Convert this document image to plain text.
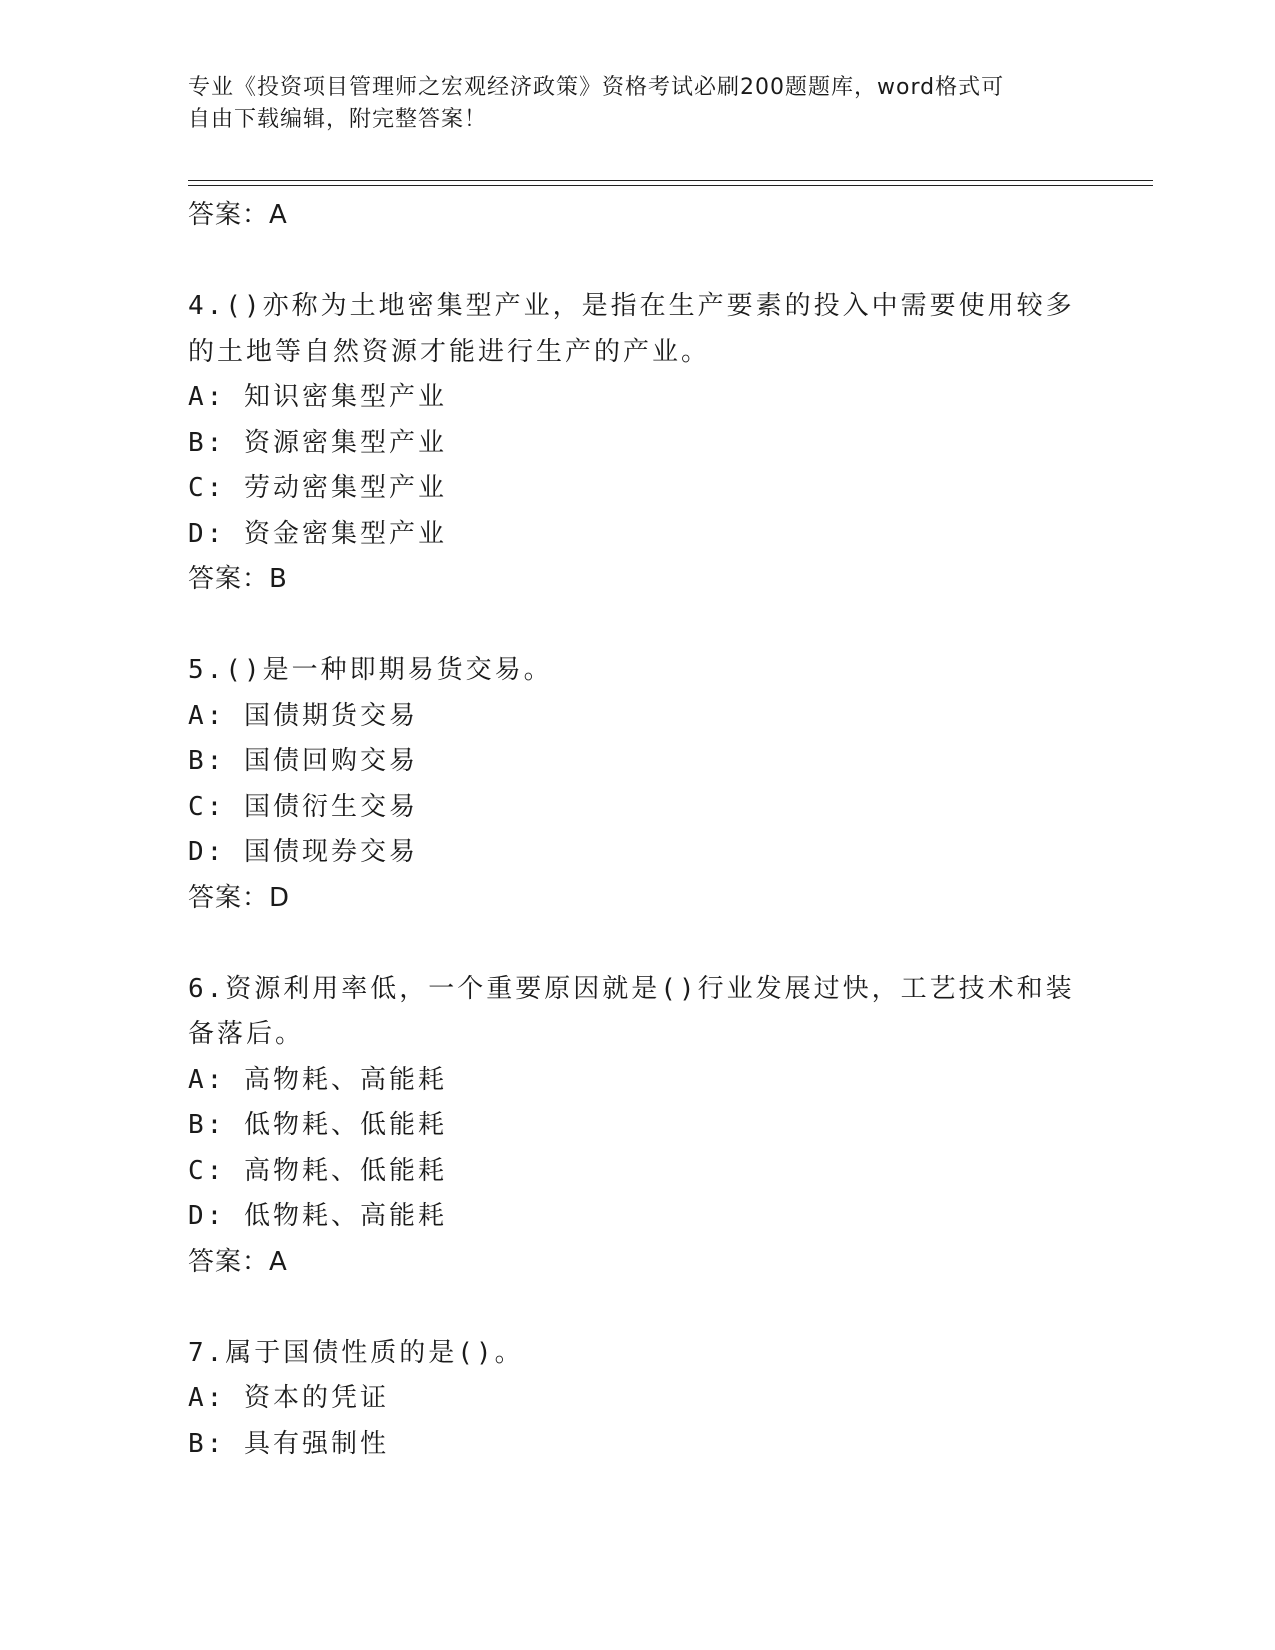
专业《投资项目管理师之宏观经济政策》资格考试必刷200题题库，word格式可
自由下载编辑，附完整答案！
答案：A
4.()亦称为土地密集型产业，是指在生产要素的投入中需要使用较多
的土地等自然资源才能进行生产的产业。
A: 知识密集型产业
B: 资源密集型产业
C: 劳动密集型产业
D: 资金密集型产业
答案：B
5.()是一种即期易货交易。
A: 国债期货交易
B: 国债回购交易
C: 国债衍生交易
D: 国债现券交易
答案：D
6.资源利用率低，一个重要原因就是()行业发展过快，工艺技术和装
备落后。
A: 高物耗、高能耗
B: 低物耗、低能耗
C: 高物耗、低能耗
D: 低物耗、高能耗
答案：A
7.属于国债性质的是()。
A: 资本的凭证
B: 具有强制性
